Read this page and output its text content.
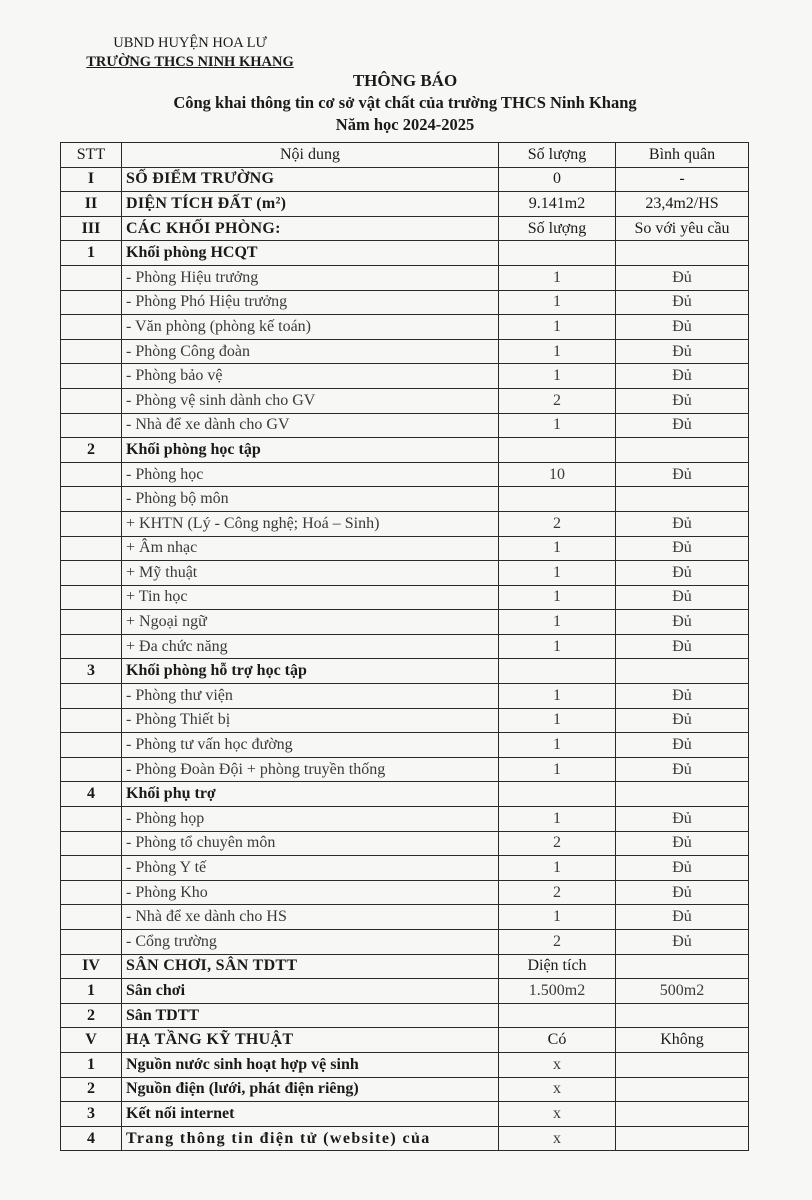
UBND HUYỆN HOA LƯ
TRƯỜNG THCS NINH KHANG
THÔNG BÁO
Công khai thông tin cơ sở vật chất của trường THCS Ninh Khang
Năm học 2024-2025
STT	Nội dung	Số lượng	Bình quân
I	SỐ ĐIỂM TRƯỜNG	0	-
II	DIỆN TÍCH ĐẤT (m²)	9.141m2	23,4m2/HS
III	CÁC KHỐI PHÒNG:	Số lượng	So với yêu cầu
1	Khối phòng HCQT		
	- Phòng Hiệu trưởng	1	Đủ
	- Phòng Phó Hiệu trưởng	1	Đủ
	- Văn phòng (phòng kế toán)	1	Đủ
	- Phòng Công đoàn	1	Đủ
	- Phòng bảo vệ	1	Đủ
	- Phòng vệ sinh dành cho GV	2	Đủ
	- Nhà để xe dành cho GV	1	Đủ
2	Khối phòng học tập		
	- Phòng học	10	Đủ
	- Phòng bộ môn		
	+ KHTN (Lý - Công nghệ; Hoá – Sinh)	2	Đủ
	+ Âm nhạc	1	Đủ
	+ Mỹ thuật	1	Đủ
	+ Tin học	1	Đủ
	+ Ngoại ngữ	1	Đủ
	+ Đa chức năng	1	Đủ
3	Khối phòng hỗ trợ học tập		
	- Phòng thư viện	1	Đủ
	- Phòng Thiết bị	1	Đủ
	- Phòng tư vấn học đường	1	Đủ
	- Phòng Đoàn Đội + phòng truyền thống	1	Đủ
4	Khối phụ trợ		
	- Phòng họp	1	Đủ
	- Phòng tổ chuyên môn	2	Đủ
	- Phòng Y tế	1	Đủ
	- Phòng Kho	2	Đủ
	- Nhà để xe dành cho HS	1	Đủ
	- Cổng trường	2	Đủ
IV	SÂN CHƠI, SÂN TDTT	Diện tích	
1	Sân chơi	1.500m2	500m2
2	Sân TDTT		
V	HẠ TẦNG KỸ THUẬT	Có	Không
1	Nguồn nước sinh hoạt hợp vệ sinh	x	
2	Nguồn điện (lưới, phát điện riêng)	x	
3	Kết nối internet	x	
4	Trang thông tin điện tử (website) của	x	
